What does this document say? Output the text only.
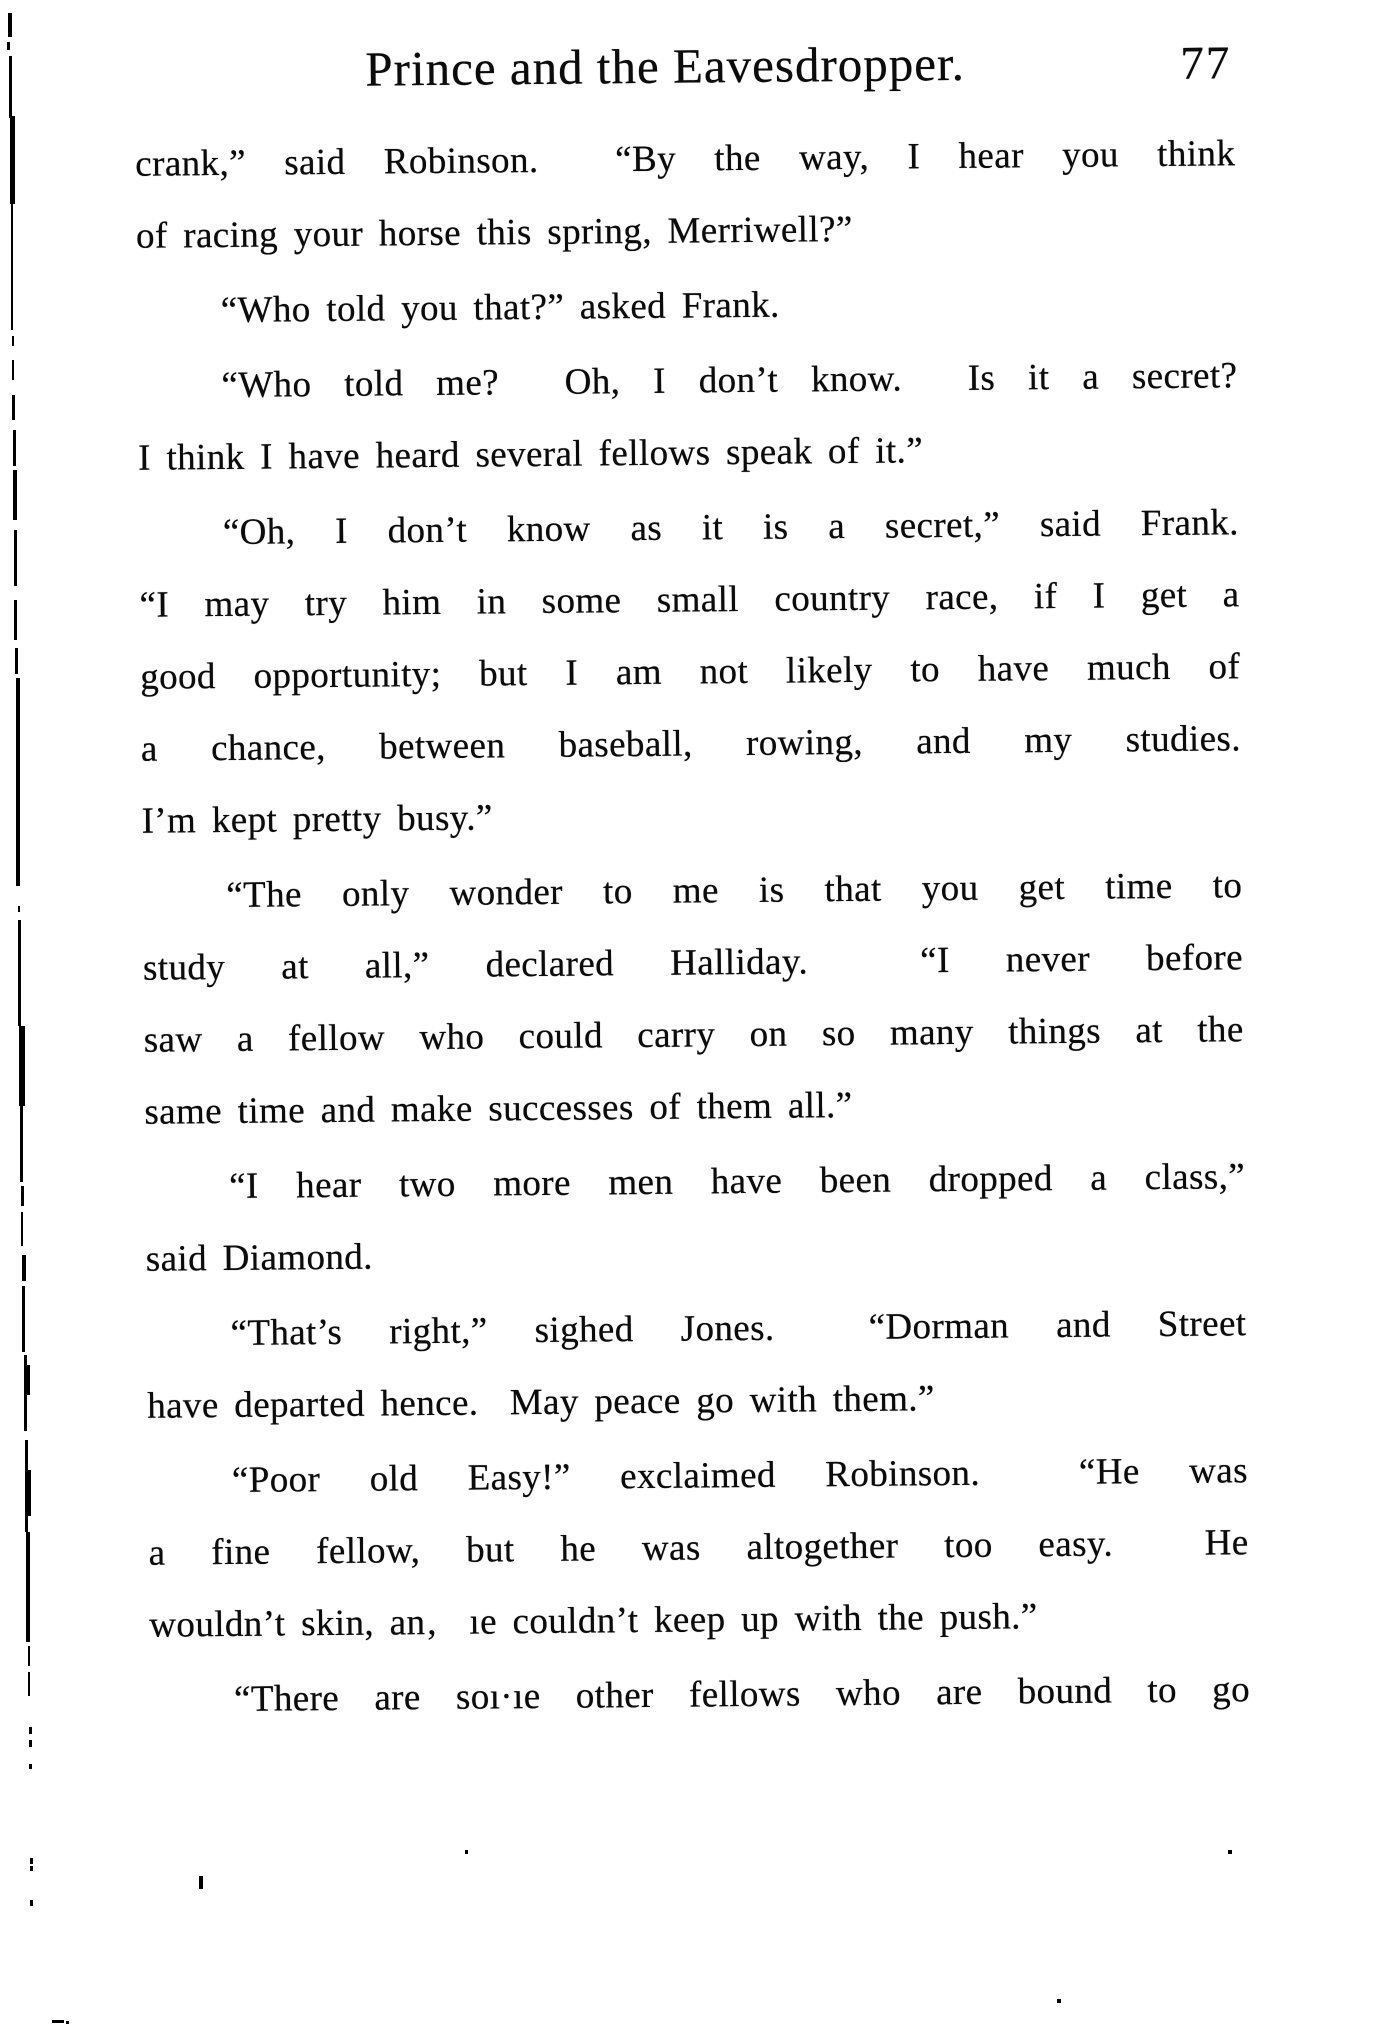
Prince and the Eavesdropper.	77
crank,” said Robinson.  “By the way, I hear you think
of racing your horse this spring, Merriwell?”
“Who told you that?” asked Frank.
“Who told me?  Oh, I don’t know.  Is it a secret?
I think I have heard several fellows speak of it.”
“Oh, I don’t know as it is a secret,” said Frank.
“I may try him in some small country race, if I get a
good opportunity; but I am not likely to have much of
a chance, between baseball, rowing, and my studies.
I’m kept pretty busy.”
“The only wonder to me is that you get time to
study at all,” declared Halliday.  “I never before
saw a fellow who could carry on so many things at the
same time and make successes of them all.”
“I hear two more men have been dropped a class,”
said Diamond.
“That’s right,” sighed Jones.  “Dorman and Street
have departed hence.  May peace go with them.”
“Poor old Easy!” exclaimed Robinson.  “He was
a fine fellow, but he was altogether too easy.  He
wouldn’t skin, an‚  ıe couldn’t keep up with the push.”
“There are soı·ıe other fellows who are bound to go
